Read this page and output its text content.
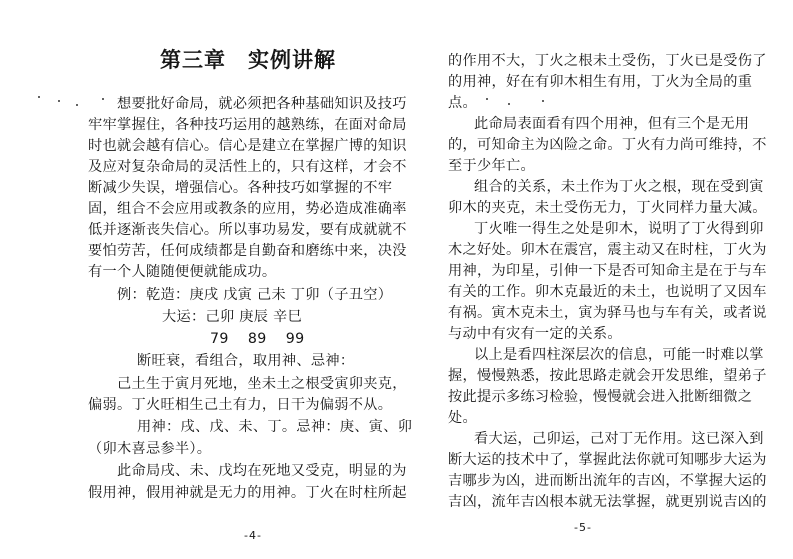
第三章　实例讲解
想要批好命局，就必须把各种基础知识及技巧
牢牢掌握住，各种技巧运用的越熟练，在面对命局
时也就会越有信心。信心是建立在掌握广博的知识
及应对复杂命局的灵活性上的，只有这样，才会不
断减少失误，增强信心。各种技巧如掌握的不牢
固，组合不会应用或教条的应用，势必造成准确率
低并逐渐丧失信心。所以事功易发，要有成就就不
要怕劳苦，任何成绩都是自勤奋和磨练中来，决没
有一个人随随便便就能成功。
例：乾造：庚戌 戊寅 己未 丁卯（子丑空）
大运：己卯 庚辰 辛巳
79    89    99
断旺衰，看组合，取用神、忌神：
己土生于寅月死地，坐未土之根受寅卯夹克，
偏弱。丁火旺相生己土有力，日干为偏弱不从。
用神：戌、戊、未、丁。忌神：庚、寅、卯
（卯木喜忌参半）。
此命局戌、未、戊均在死地又受克，明显的为
假用神，假用神就是无力的用神。丁火在时柱所起
-4-
的作用不大，丁火之根未土受伤，丁火已是受伤了
的用神，好在有卯木相生有用，丁火为全局的重
点。
此命局表面看有四个用神，但有三个是无用
的，可知命主为凶险之命。丁火有力尚可维持，不
至于少年亡。
组合的关系，未土作为丁火之根，现在受到寅
卯木的夹克，未土受伤无力，丁火同样力量大减。
丁火唯一得生之处是卯木，说明了丁火得到卯
木之好处。卯木在震宫，震主动又在时柱，丁火为
用神，为印星，引伸一下是否可知命主是在于与车
有关的工作。卯木克最近的未土，也说明了又因车
有祸。寅木克未土，寅为驿马也与车有关，或者说
与动中有灾有一定的关系。
以上是看四柱深层次的信息，可能一时难以掌
握，慢慢熟悉，按此思路走就会开发思维，望弟子
按此提示多练习检验，慢慢就会进入批断细微之
处。
看大运，己卯运，己对丁无作用。这已深入到
断大运的技术中了，掌握此法你就可知哪步大运为
吉哪步为凶，进而断出流年的吉凶，不掌握大运的
吉凶，流年吉凶根本就无法掌握，就更别说吉凶的
-5-
